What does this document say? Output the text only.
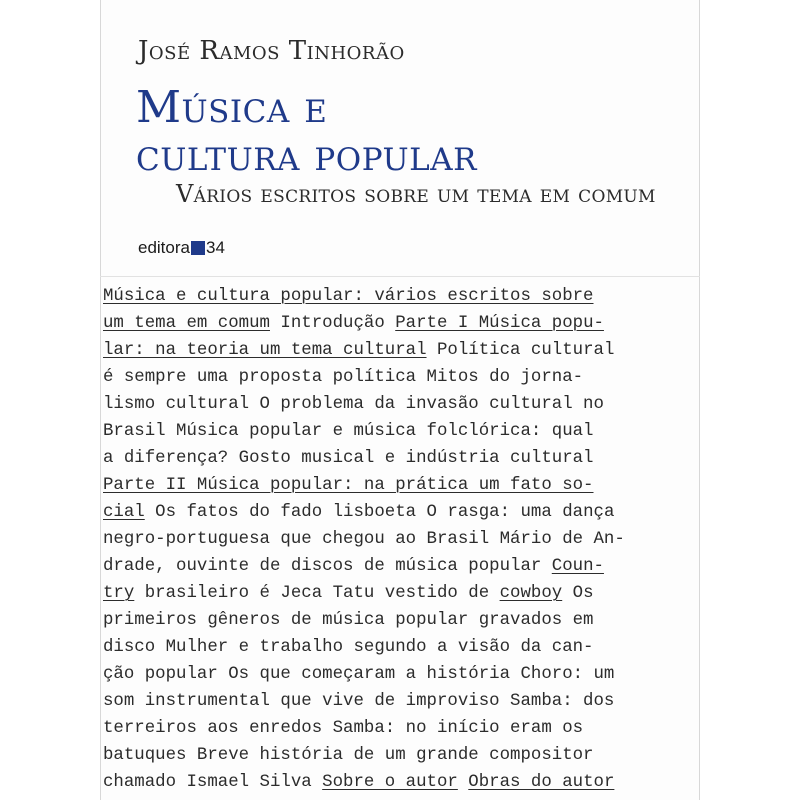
José Ramos Tinhorão
Música e
cultura popular
Vários escritos sobre um tema em comum
editora 34
Música e cultura popular: vários escritos sobre
um tema em comum Introdução Parte I Música popu-
lar: na teoria um tema cultural Política cultural
é sempre uma proposta política Mitos do jorna-
lismo cultural O problema da invasão cultural no
Brasil Música popular e música folclórica: qual
a diferença? Gosto musical e indústria cultural
Parte II Música popular: na prática um fato so-
cial Os fatos do fado lisboeta O rasga: uma dança
negro-portuguesa que chegou ao Brasil Mário de An-
drade, ouvinte de discos de música popular Coun-
try brasileiro é Jeca Tatu vestido de cowboy Os
primeiros gêneros de música popular gravados em
disco Mulher e trabalho segundo a visão da can-
ção popular Os que começaram a história Choro: um
som instrumental que vive de improviso Samba: dos
terreiros aos enredos Samba: no início eram os
batuques Breve história de um grande compositor
chamado Ismael Silva Sobre o autor Obras do autor
